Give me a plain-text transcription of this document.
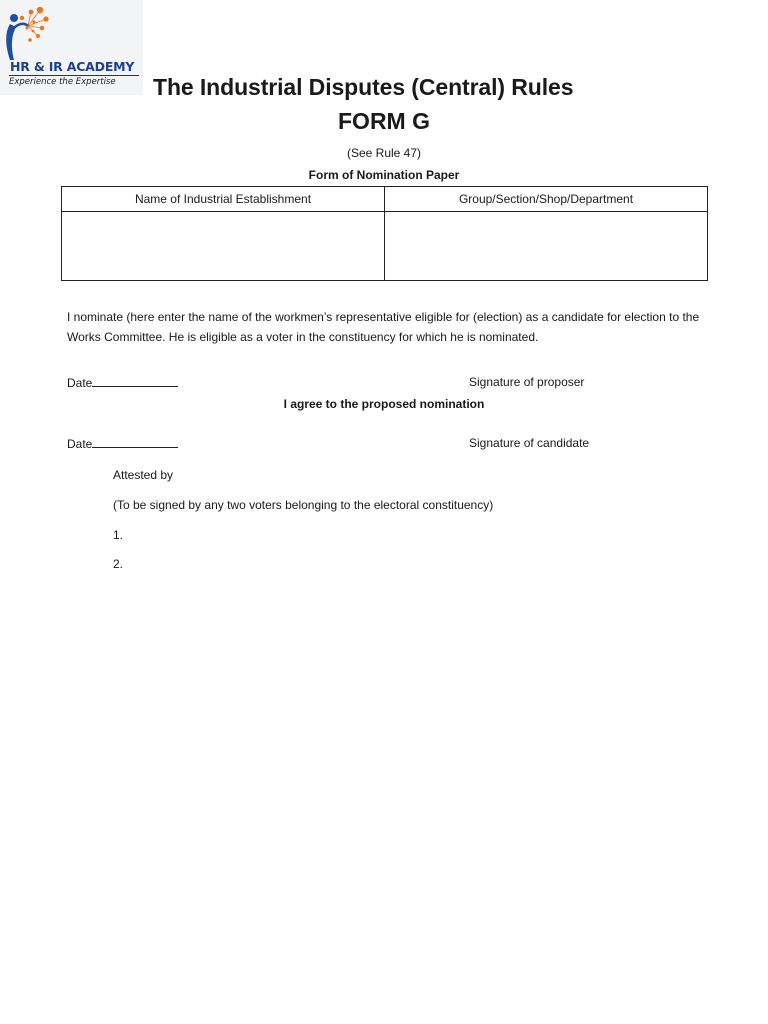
HR & IR ACADEMY
Experience the Expertise The Industrial Disputes (Central) Rules
FORM G
(See Rule 47)
Form of Nomination Paper
Name of Industrial Establishment	Group/Section/Shop/Department

I nominate (here enter the name of the workmen’s representative eligible for (election) as a candidate for election to the Works Committee. He is eligible as a voter in the constituency for which he is nominated.
Date	Signature of proposer
I agree to the proposed nomination
Date	Signature of candidate
Attested by
(To be signed by any two voters belonging to the electoral constituency)
1.
2.
